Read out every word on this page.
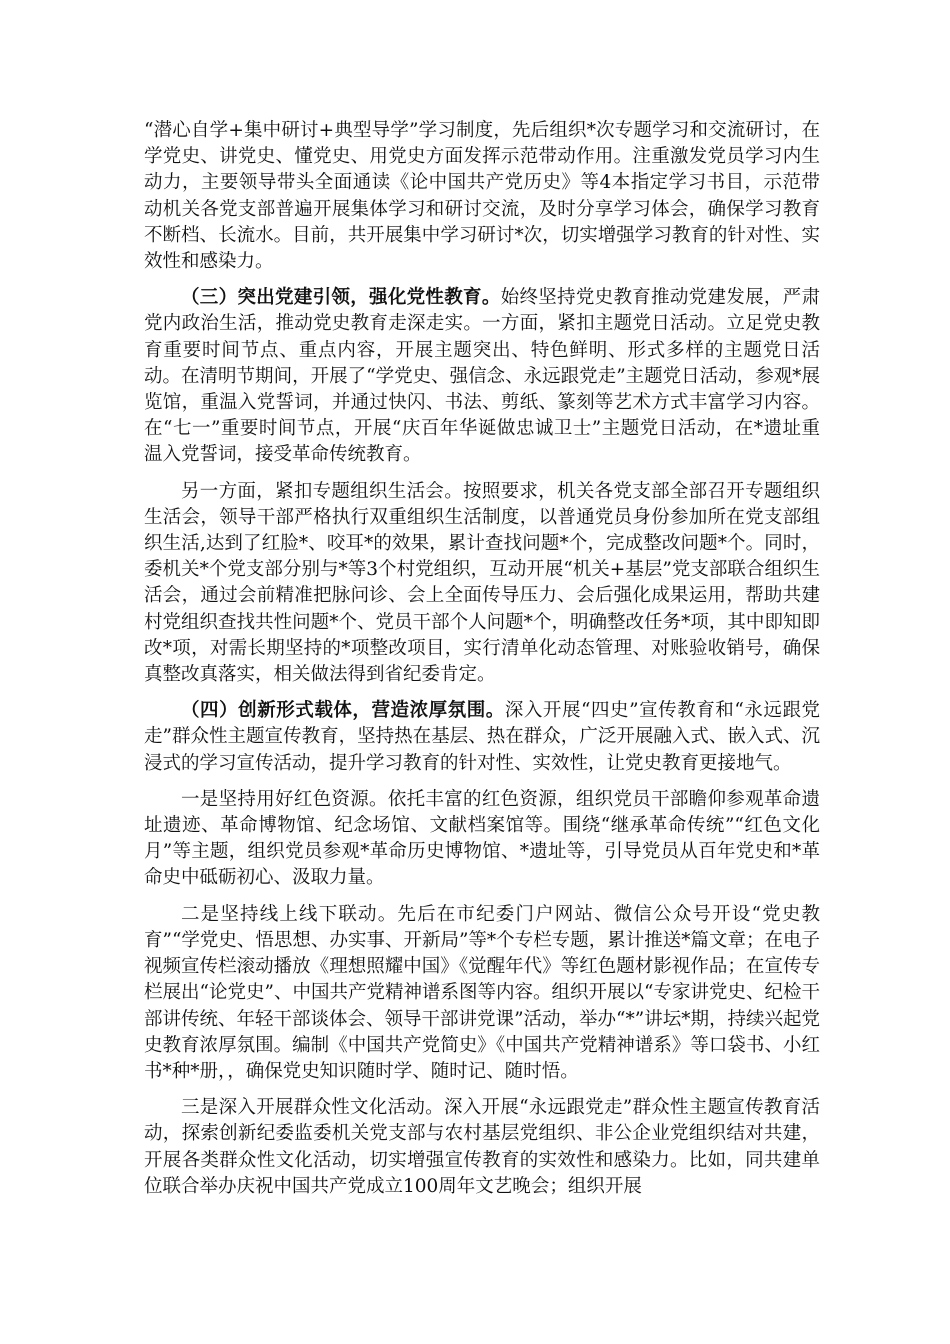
“潜心自学+集中研讨+典型导学”学习制度，先后组织*次专题学习和交流研讨，在学党史、讲党史、懂党史、用党史方面发挥示范带动作用。注重激发党员学习内生动力，主要领导带头全面通读《论中国共产党历史》等4本指定学习书目，示范带动机关各党支部普遍开展集体学习和研讨交流，及时分享学习体会，确保学习教育不断档、长流水。目前，共开展集中学习研讨*次，切实增强学习教育的针对性、实效性和感染力。

（三）突出党建引领，强化党性教育。始终坚持党史教育推动党建发展，严肃党内政治生活，推动党史教育走深走实。一方面，紧扣主题党日活动。立足党史教育重要时间节点、重点内容，开展主题突出、特色鲜明、形式多样的主题党日活动。在清明节期间，开展了“学党史、强信念、永远跟党走”主题党日活动，参观*展览馆，重温入党誓词，并通过快闪、书法、剪纸、篆刻等艺术方式丰富学习内容。在“七一”重要时间节点，开展“庆百年华诞做忠诚卫士”主题党日活动，在*遗址重温入党誓词，接受革命传统教育。

另一方面，紧扣专题组织生活会。按照要求，机关各党支部全部召开专题组织生活会，领导干部严格执行双重组织生活制度，以普通党员身份参加所在党支部组织生活,达到了红脸*、咬耳*的效果，累计查找问题*个，完成整改问题*个。同时，委机关*个党支部分别与*等3个村党组织，互动开展“机关+基层”党支部联合组织生活会，通过会前精准把脉问诊、会上全面传导压力、会后强化成果运用，帮助共建村党组织查找共性问题*个、党员干部个人问题*个，明确整改任务*项，其中即知即改*项，对需长期坚持的*项整改项目，实行清单化动态管理、对账验收销号，确保真整改真落实，相关做法得到省纪委肯定。

（四）创新形式载体，营造浓厚氛围。深入开展“四史”宣传教育和“永远跟党走”群众性主题宣传教育，坚持热在基层、热在群众，广泛开展融入式、嵌入式、沉浸式的学习宣传活动，提升学习教育的针对性、实效性，让党史教育更接地气。

一是坚持用好红色资源。依托丰富的红色资源，组织党员干部瞻仰参观革命遗址遗迹、革命博物馆、纪念场馆、文献档案馆等。围绕“继承革命传统”“红色文化月”等主题，组织党员参观*革命历史博物馆、*遗址等，引导党员从百年党史和*革命史中砥砺初心、汲取力量。

二是坚持线上线下联动。先后在市纪委门户网站、微信公众号开设“党史教育”“学党史、悟思想、办实事、开新局”等*个专栏专题，累计推送*篇文章；在电子视频宣传栏滚动播放《理想照耀中国》《觉醒年代》等红色题材影视作品；在宣传专栏展出“论党史”、中国共产党精神谱系图等内容。组织开展以“专家讲党史、纪检干部讲传统、年轻干部谈体会、领导干部讲党课”活动，举办“*”讲坛*期，持续兴起党史教育浓厚氛围。编制《中国共产党简史》《中国共产党精神谱系》等口袋书、小红书*种*册，，确保党史知识随时学、随时记、随时悟。

三是深入开展群众性文化活动。深入开展“永远跟党走”群众性主题宣传教育活动，探索创新纪委监委机关党支部与农村基层党组织、非公企业党组织结对共建，开展各类群众性文化活动，切实增强宣传教育的实效性和感染力。比如，同共建单位联合举办庆祝中国共产党成立100周年文艺晚会；组织开展
